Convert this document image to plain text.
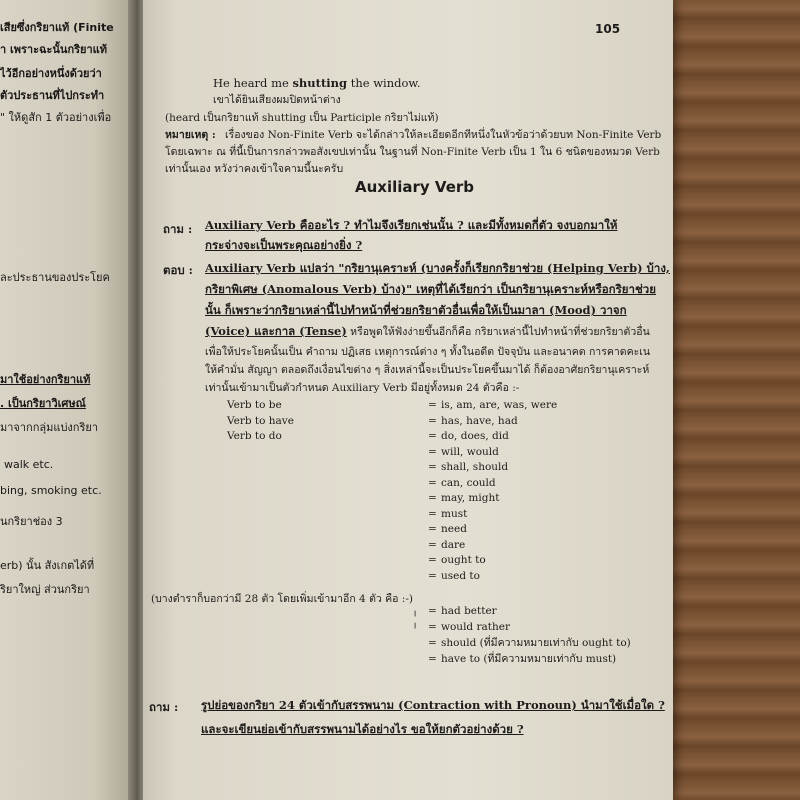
เสียซึ่งกริยาแท้ (Finite
า เพราะฉะนั้นกริยาแท้
ไว้อีกอย่างหนึ่งด้วยว่า
ตัวประธานที่ไปกระทำ
" ให้ดูสัก 1 ตัวอย่างเพื่อ
ละประธานของประโยค
มาใช้อย่างกริยาแท้
. เป็นกริยาวิเศษณ์
มาจากกลุ่มแบ่งกริยา
walk etc.
bing, smoking etc.
นกริยาช่อง 3
erb) นั้น สังเกตได้ที่
ริยาใหญ่ ส่วนกริยา
105
He heard me shutting the window.
เขาได้ยินเสียงผมปิดหน้าต่าง
(heard เป็นกริยาแท้ shutting เป็น Participle กริยาไม่แท้)
หมายเหตุ : เรื่องของ Non-Finite Verb จะได้กล่าวให้ละเอียดอีกทีหนึ่งในหัวข้อว่าด้วยบท Non-Finite Verb
โดยเฉพาะ ณ ที่นี้เป็นการกล่าวพอสังเขปเท่านั้น ในฐานที่ Non-Finite Verb เป็น 1 ใน 6 ชนิดของหมวด Verb
เท่านั้นเอง หวังว่าคงเข้าใจคามนี้นะครับ
Auxiliary Verb
ถาม : Auxiliary Verb คืออะไร ? ทำไมจึงเรียกเช่นนั้น ? และมีทั้งหมดกี่ตัว จงบอกมาให้
กระจ่างจะเป็นพระคุณอย่างยิ่ง ?
ตอบ : Auxiliary Verb แปลว่า "กริยานุเคราะห์ (บางครั้งก็เรียกกริยาช่วย (Helping Verb) บ้าง,
กริยาพิเศษ (Anomalous Verb) บ้าง)" เหตุที่ได้เรียกว่า เป็นกริยานุเคราะห์หรือกริยาช่วย
นั้น ก็เพราะว่ากริยาเหล่านี้ไปทำหน้าที่ช่วยกริยาตัวอื่นเพื่อให้เป็นมาลา (Mood) วาจก
(Voice) และกาล (Tense) หรือพูดให้ฟังง่ายขึ้นอีกก็คือ กริยาเหล่านี้ไปทำหน้าที่ช่วยกริยาตัวอื่น
เพื่อให้ประโยคนั้นเป็น คำถาม ปฏิเสธ เหตุการณ์ต่าง ๆ ทั้งในอดีต ปัจจุบัน และอนาคต การคาดคะเน
ให้คำมั่น สัญญา ตลอดถึงเงื่อนไขต่าง ๆ สิ่งเหล่านี้จะเป็นประโยคขึ้นมาได้ ก็ต้องอาศัยกริยานุเคราะห์
เท่านั้นเข้ามาเป็นตัวกำหนด Auxiliary Verb มีอยู่ทั้งหมด 24 ตัวคือ :-
Verb to be	= is, am, are, was, were
Verb to have	= has, have, had
Verb to do	= do, does, did
= will, would
= shall, should
= can, could
= may, might
= must
= need
= dare
= ought to
= used to
(บางตำราก็บอกว่ามี 28 ตัว โดยเพิ่มเข้ามาอีก 4 ตัว คือ :-)
╷
╵
= had better
= would rather
= should (ที่มีความหมายเท่ากับ ought to)
= have to (ที่มีความหมายเท่ากับ must)
ถาม : รูปย่อของกริยา 24 ตัวเข้ากับสรรพนาม (Contraction with Pronoun) นำมาใช้เมื่อใด ?
และจะเขียนย่อเข้ากับสรรพนามได้อย่างไร ขอให้ยกตัวอย่างด้วย ?
